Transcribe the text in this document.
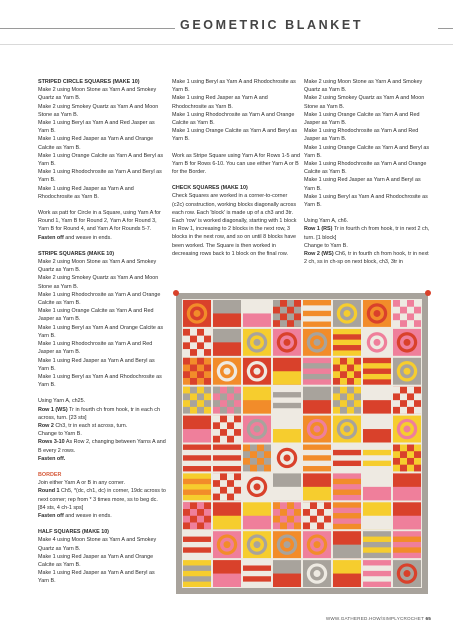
GEOMETRIC BLANKET

STRIPED CIRCLE SQUARES (MAKE 10)

Make 2 using Moon Stone as Yarn A and Smokey Quartz as Yarn B.

Make 2 using Smokey Quartz as Yarn A and Moon Stone as Yarn B.

Make 1 using Beryl as Yarn A and Red Jasper as Yarn B.

Make 1 using Red Jasper as Yarn A and Orange Calcite as Yarn B.

Make 1 using Orange Calcite as Yarn A and Beryl as Yarn B.

Make 1 using Rhodochrosite as Yarn A and Beryl as Yarn B.

Make 1 using Red Jasper as Yarn A and Rhodochrosite as Yarn B.

Work as patt for Circle in a Square, using Yarn A for Round 1, Yarn B for Round 2, Yarn A for Round 3, Yarn B for Round 4, and Yarn A for Rounds 5-7.

Fasten off and weave in ends.

STRIPE SQUARES (MAKE 10)

Make 2 using Moon Stone as Yarn A and Smokey Quartz as Yarn B.

Make 2 using Smokey Quartz as Yarn A and Moon Stone as Yarn B.

Make 1 using Rhodochrosite as Yarn A and Orange Calcite as Yarn B.

Make 1 using Orange Calcite as Yarn A and Red Jasper as Yarn B.

Make 1 using Beryl as Yarn A and Orange Calcite as Yarn B.

Make 1 using Rhodochrosite as Yarn A and Red Jasper as Yarn B.

Make 1 using Red Jasper as Yarn A and Beryl as Yarn B.

Make 1 using Beryl as Yarn A and Rhodochrosite as Yarn B.

Using Yarn A, ch25.

Row 1 (WS) Tr in fourth ch from hook, tr in each ch across, turn. [23 sts]

Row 2 Ch3, tr in each st across, turn.

Change to Yarn B.

Rows 3-10 As Row 2, changing between Yarns A and B every 2 rows.

Fasten off.

BORDER

Join either Yarn A or B in any corner.

Round 1 Ch5, *(dc, ch1, dc) in corner, 19dc across to next corner; rep from * 3 times more, ss to beg dc. [84 sts, 4 ch-1 sps]

Fasten off and weave in ends.

HALF SQUARES (MAKE 10)

Make 4 using Moon Stone as Yarn A and Smokey Quartz as Yarn B.

Make 1 using Red Jasper as Yarn A and Orange Calcite as Yarn B.

Make 1 using Red Jasper as Yarn A and Beryl as Yarn B.

Make 1 using Beryl as Yarn A and Rhodochrosite as Yarn B.

Make 1 using Red Jasper as Yarn A and Rhodochrosite as Yarn B.

Make 1 using Rhodochrosite as Yarn A and Orange Calcite as Yarn B.

Make 1 using Orange Calcite as Yarn A and Beryl as Yarn B.

Work as Stripe Square using Yarn A for Rows 1-5 and Yarn B for Rows 6-10. You can use either Yarn A or B for the Border.

CHECK SQUARES (MAKE 10)

Check Squares are worked in a corner-to-corner (c2c) construction, working blocks diagonally across each row. Each 'block' is made up of a ch3 and 3tr. Each 'row' is worked diagonally, starting with 1 block in Row 1, increasing to 2 blocks in the next row, 3 blocks in the next row, and so on until 8 blocks have been worked. The Square is then worked in decreasing rows back to 1 block on the final row.

Make 2 using Moon Stone as Yarn A and Smokey Quartz as Yarn B.

Make 2 using Smokey Quartz as Yarn A and Moon Stone as Yarn B.

Make 1 using Orange Calcite as Yarn A and Red Jasper as Yarn B.

Make 1 using Rhodochrosite as Yarn A and Red Jasper as Yarn B.

Make 1 using Orange Calcite as Yarn A and Beryl as Yarn B.

Make 1 using Rhodochrosite as Yarn A and Orange Calcite as Yarn B.

Make 1 using Red Jasper as Yarn A and Beryl as Yarn B.

Make 1 using Beryl as Yarn A and Rhodochrosite as Yarn B.

Using Yarn A, ch6.

Row 1 (RS) Tr in fourth ch from hook, tr in next 2 ch, turn. [1 block]

Change to Yarn B.

Row 2 (WS) Ch6, tr in fourth ch from hook, tr in next 2 ch, ss in ch-sp on next block, ch3, 3tr in

WWW.GATHERED.HOW/SIMPLYCROCHET 65
